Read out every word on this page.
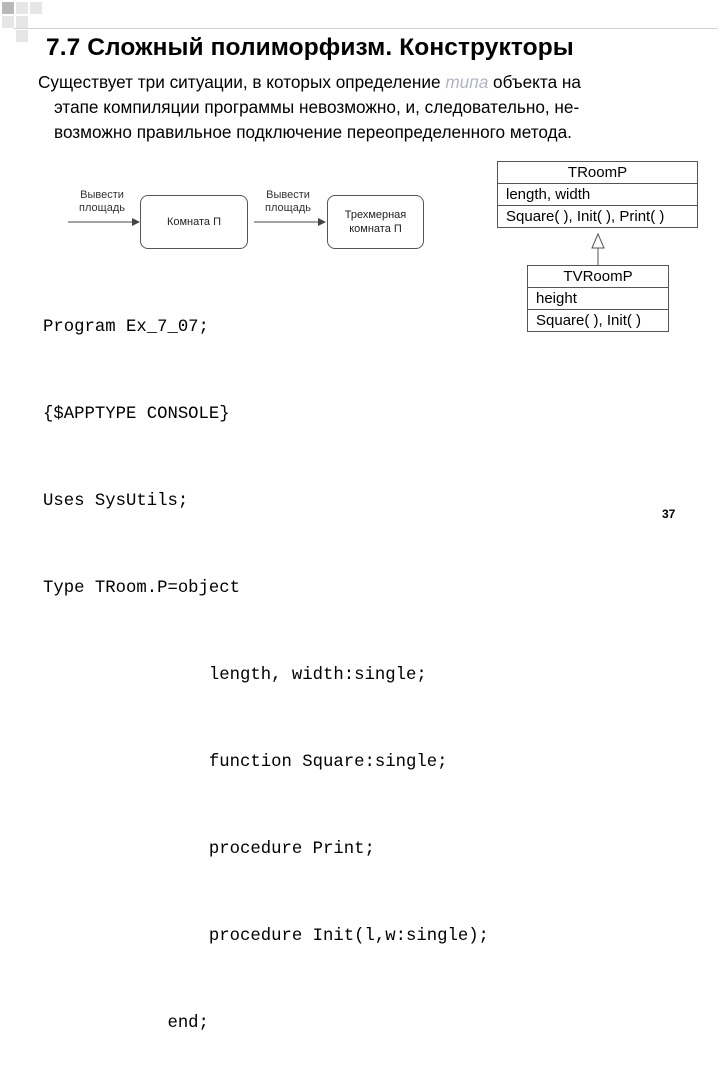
7.7 Сложный полиморфизм. Конструкторы
Существует три ситуации, в которых определение типа объекта на
этапе компиляции программы невозможно, и, следовательно, не-
возможно правильное подключение переопределенного метода.
Вывести
площадь
Вывести
площадь
Комната П
Трехмерная
комната П
TRoomP
length, width
Square( ), Init( ), Print( )
TVRoomP
height
Square( ), Init( )

Program Ex_7_07;

{$APPTYPE CONSOLE}

Uses SysUtils;

Type TRoom.P=object

length, width:single;

function Square:single;

procedure Print;

procedure Init(l,w:single);

end;

37
